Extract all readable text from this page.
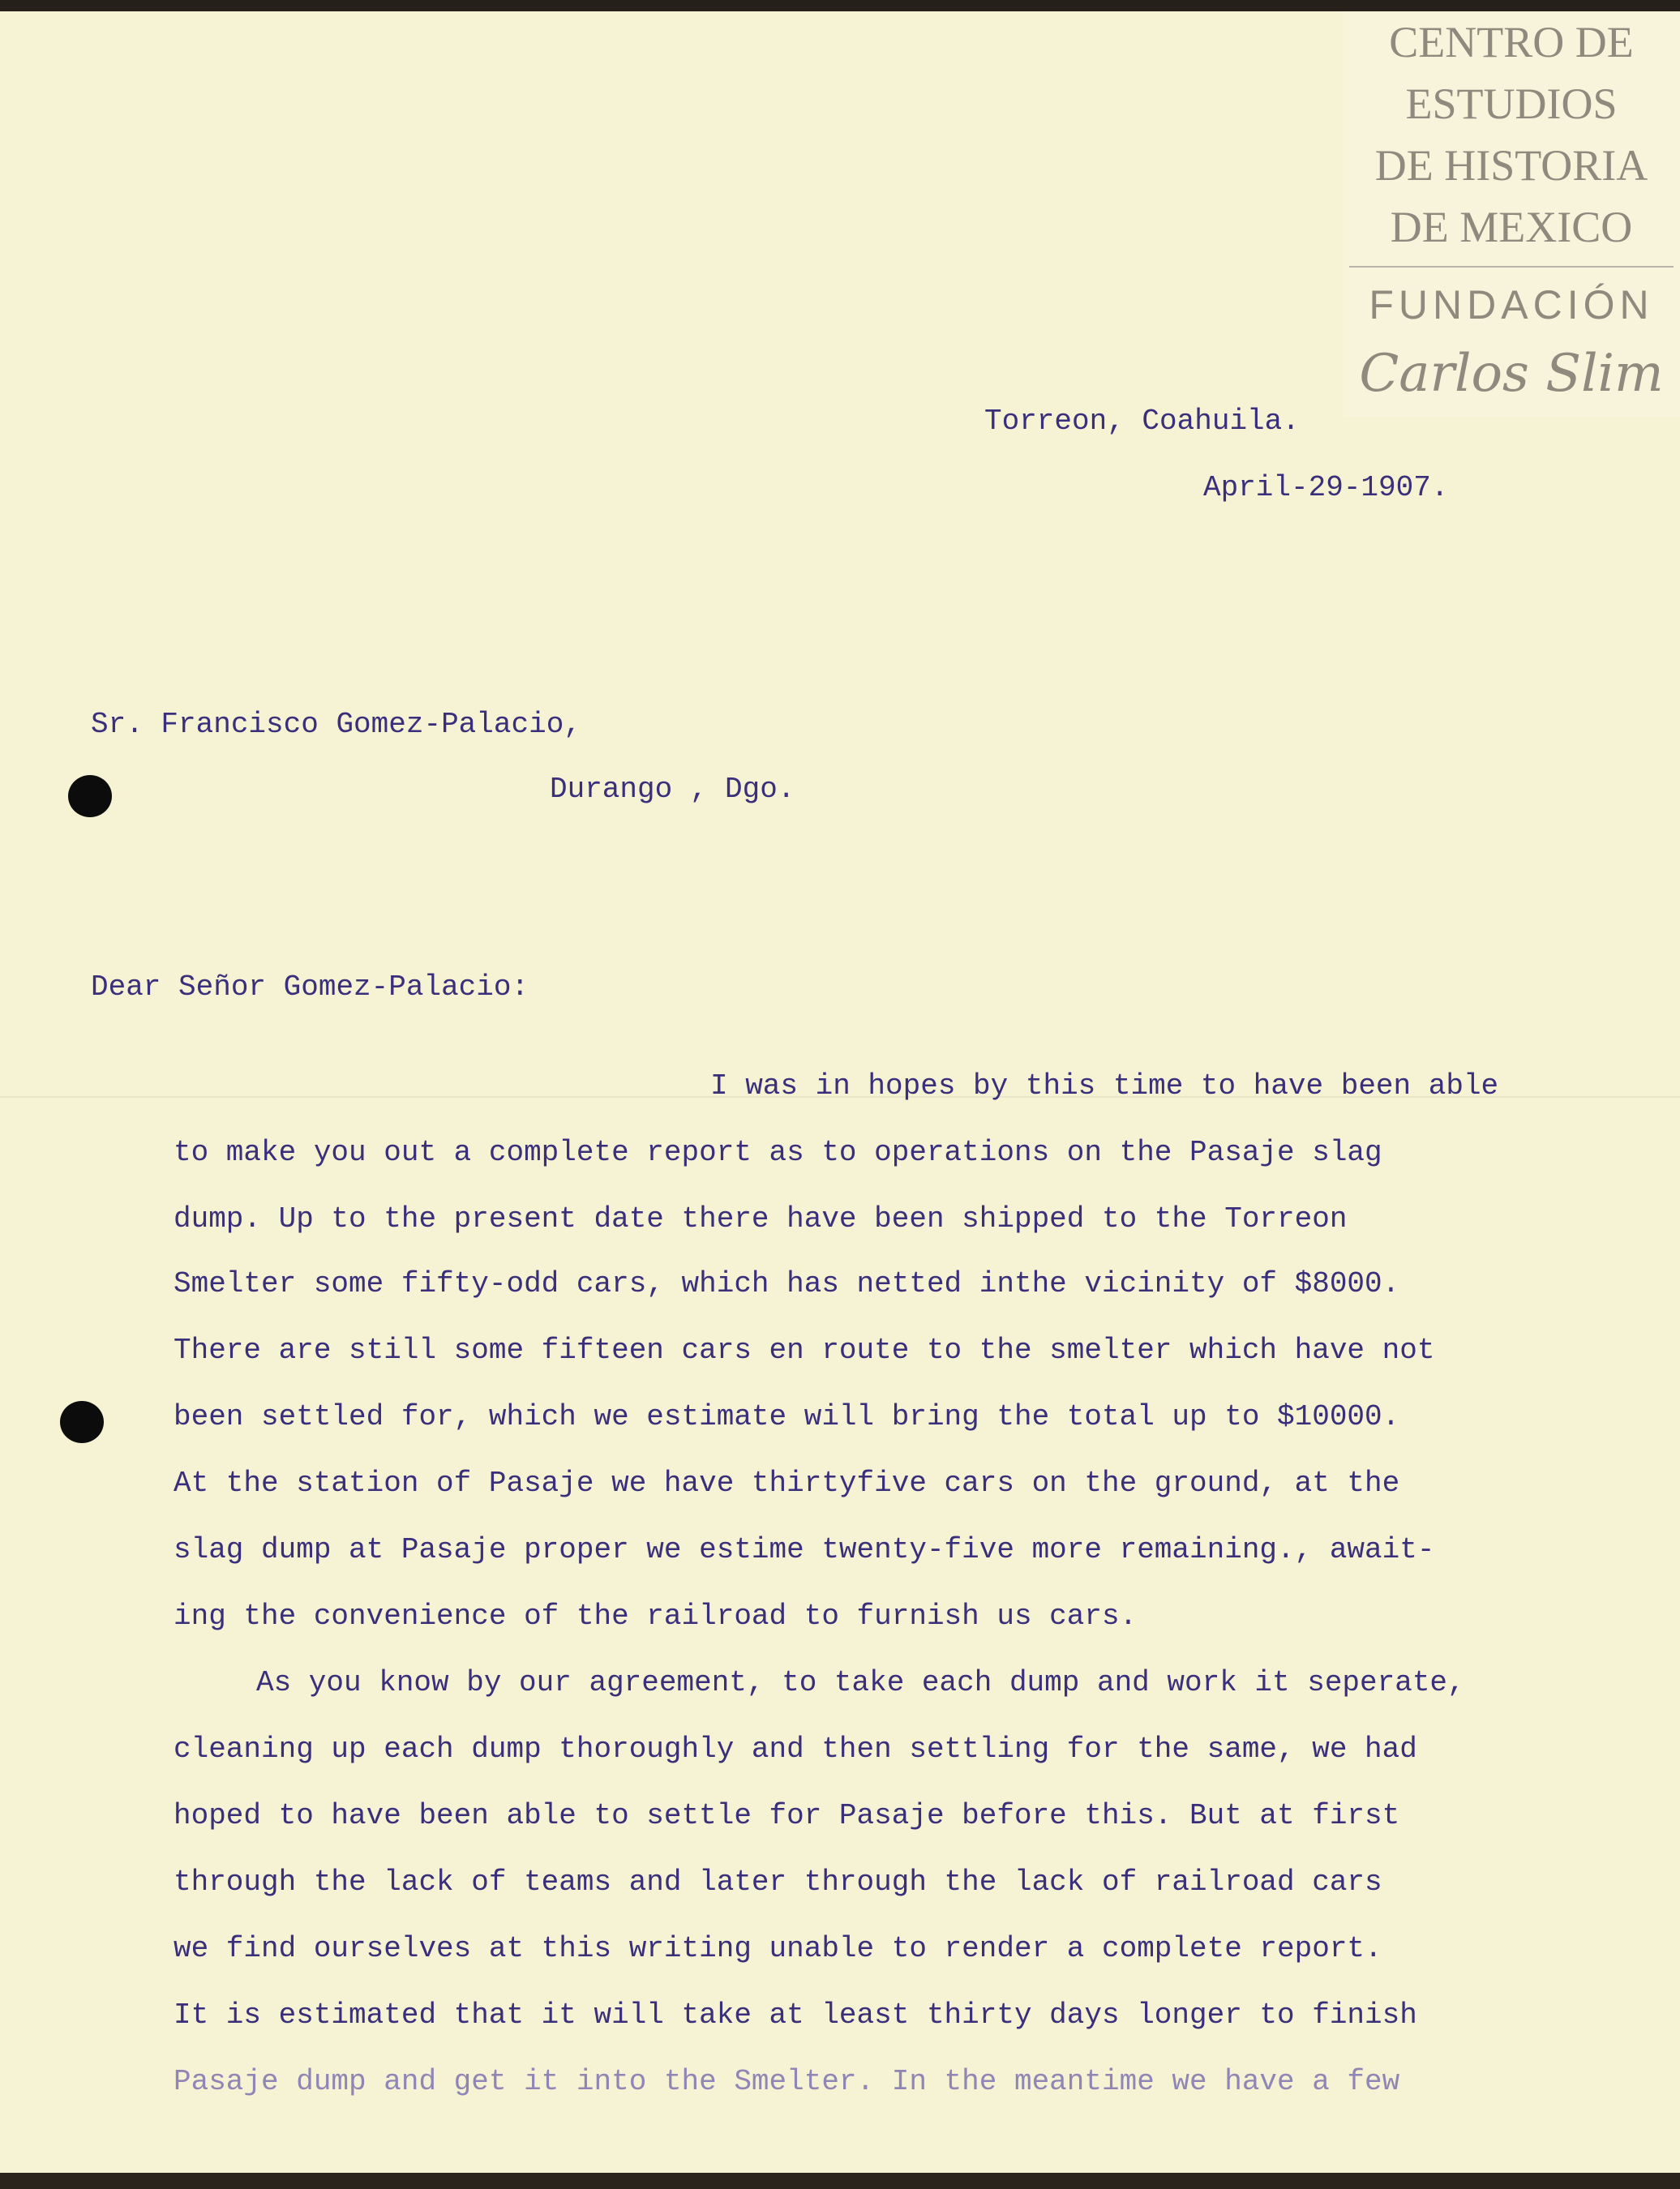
CENTRO DE
ESTUDIOS
DE HISTORIA
DE MEXICO
FUNDACIÓN
Carlos Slim

Torreon, Coahuila.

April-29-1907.

Sr. Francisco Gomez-Palacio,

Durango , Dgo.

Dear Señor Gomez-Palacio:

I was in hopes by this time to have been able

to make you out a complete report as to operations on the Pasaje slag

dump. Up to the present date there have been shipped to the Torreon

Smelter some fifty-odd cars, which has netted inthe vicinity of $8000.

There are still some fifteen cars en route to the smelter which have not

been settled for, which we estimate will bring the total up to $10000.

At the station of Pasaje we have thirtyfive cars on the ground, at the

slag dump at Pasaje proper we estime twenty-five more remaining., await-

ing the convenience of the railroad to furnish us cars.

As you know by our agreement, to take each dump and work it seperate,

cleaning up each dump thoroughly and then settling for the same, we had

hoped to have been able to settle for Pasaje before this. But at first

through the lack of teams and later through the lack of railroad cars

we find ourselves at this writing unable to render a complete report.

It is estimated that it will take at least thirty days longer to finish

Pasaje dump and get it into the Smelter. In the meantime we have a few
